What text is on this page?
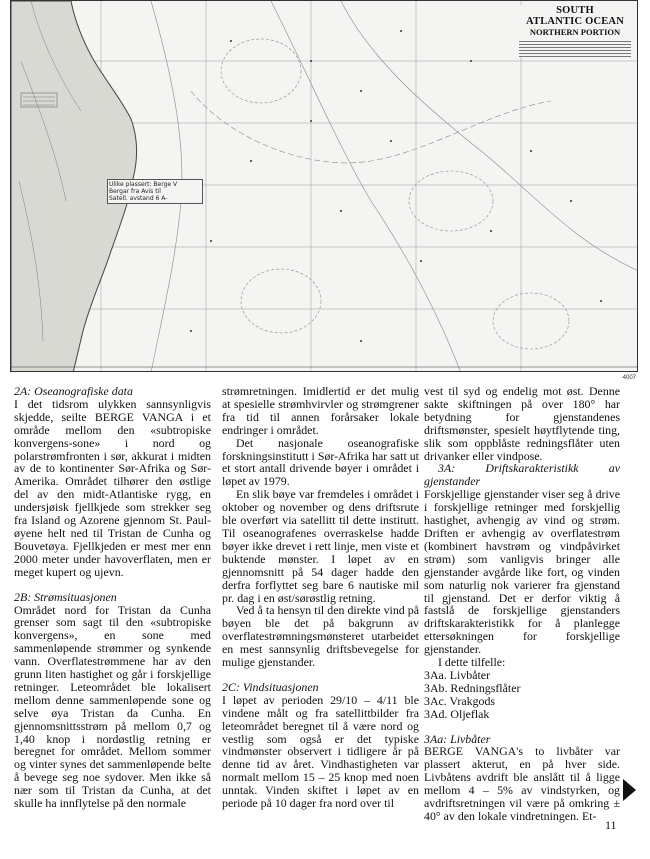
Ulike plassert: Berge V
Bergar fra Avis til
Satell. avstand 6 A-
SOUTH
ATLANTIC OCEAN
NORTHERN PORTION
4007
2A: Oseanografiske data

I det tidsrom ulykken sannsynligvis skjedde, seilte BERGE VANGA i et område mellom den «subtropiske konvergens-sone» i nord og polarstrømfronten i sør, akkurat i midten av de to kontinenter Sør-Afrika og Sør-Amerika. Området tilhører den østlige del av den midt-Atlantiske rygg, en undersjøisk fjellkjede som strekker seg fra Island og Azorene gjennom St. Paul-øyene helt ned til Tristan de Cunha og Bouvetøya. Fjellkjeden er mest mer enn 2000 meter under havoverflaten, men er meget kupert og ujevn.

2B: Strømsituasjonen

Området nord for Tristan da Cunha grenser som sagt til den «subtropiske konvergens», en sone med sammenløpende strømmer og synkende vann. Overflatestrømmene har av den grunn liten hastighet og går i forskjellige retninger. Leteområdet ble lokalisert mellom denne sammenløpende sone og selve øya Tristan da Cunha. En gjennomsnittsstrøm på mellom 0,7 og 1,40 knop i nordøstlig retning er beregnet for området. Mellom sommer og vinter synes det sammenløpende belte å bevege seg noe sydover. Men ikke så nær som til Tristan da Cunha, at det skulle ha innflytelse på den normale

strømretningen. Imidlertid er det mulig at spesielle strømhvirvler og strømgrener fra tid til annen forårsaker lokale endringer i området.

Det nasjonale oseanografiske forskningsinstitutt i Sør-Afrika har satt ut et stort antall drivende bøyer i området i løpet av 1979.

En slik bøye var fremdeles i området i oktober og november og dens driftsrute ble overført via satellitt til dette institutt. Til oseanografenes overraskelse hadde bøyer ikke drevet i rett linje, men viste et buktende mønster. I løpet av en gjennomsnitt på 54 dager hadde den derfra forflyttet seg bare 6 nautiske mil pr. dag i en øst/sørøstlig retning.

Ved å ta hensyn til den direkte vind på bøyen ble det på bakgrunn av overflatestrømningsmønsteret utarbeidet en mest sannsynlig driftsbevegelse for mulige gjenstander.

2C: Vindsituasjonen

I løpet av perioden 29/10 – 4/11 ble vindene målt og fra satellittbilder fra leteområdet beregnet til å være nord og vestlig som også er det typiske vindmønster observert i tidligere år på denne tid av året. Vindhastigheten var normalt mellom 15 – 25 knop med noen unntak. Vinden skiftet i løpet av en periode på 10 dager fra nord over til

vest til syd og endelig mot øst. Denne sakte skiftningen på over 180° har betydning for gjenstandenes driftsmønster, spesielt høytflytende ting, slik som oppblåste redningsflåter uten drivanker eller vindpose.

3A: Driftskarakteristikk av gjenstander

Forskjellige gjenstander viser seg å drive i forskjellige retninger med forskjellig hastighet, avhengig av vind og strøm. Driften er avhengig av overflatestrøm (kombinert havstrøm og vindpåvirket strøm) som vanligvis bringer alle gjenstander avgårde like fort, og vinden som naturlig nok varierer fra gjenstand til gjenstand. Det er derfor viktig å fastslå de forskjellige gjenstanders driftskarakteristikk for å planlegge ettersøkningen for forskjellige gjenstander.

I dette tilfelle:

3Aa. Livbåter

3Ab. Redningsflåter

3Ac. Vrakgods

3Ad. Oljeflak

3Aa: Livbåter

BERGE VANGA's to livbåter var plassert akterut, en på hver side. Livbåtens avdrift ble anslått til å ligge mellom 4 – 5% av vindstyrken, og avdriftsretningen vil være på omkring ± 40° av den lokale vindretningen. Et-

11
